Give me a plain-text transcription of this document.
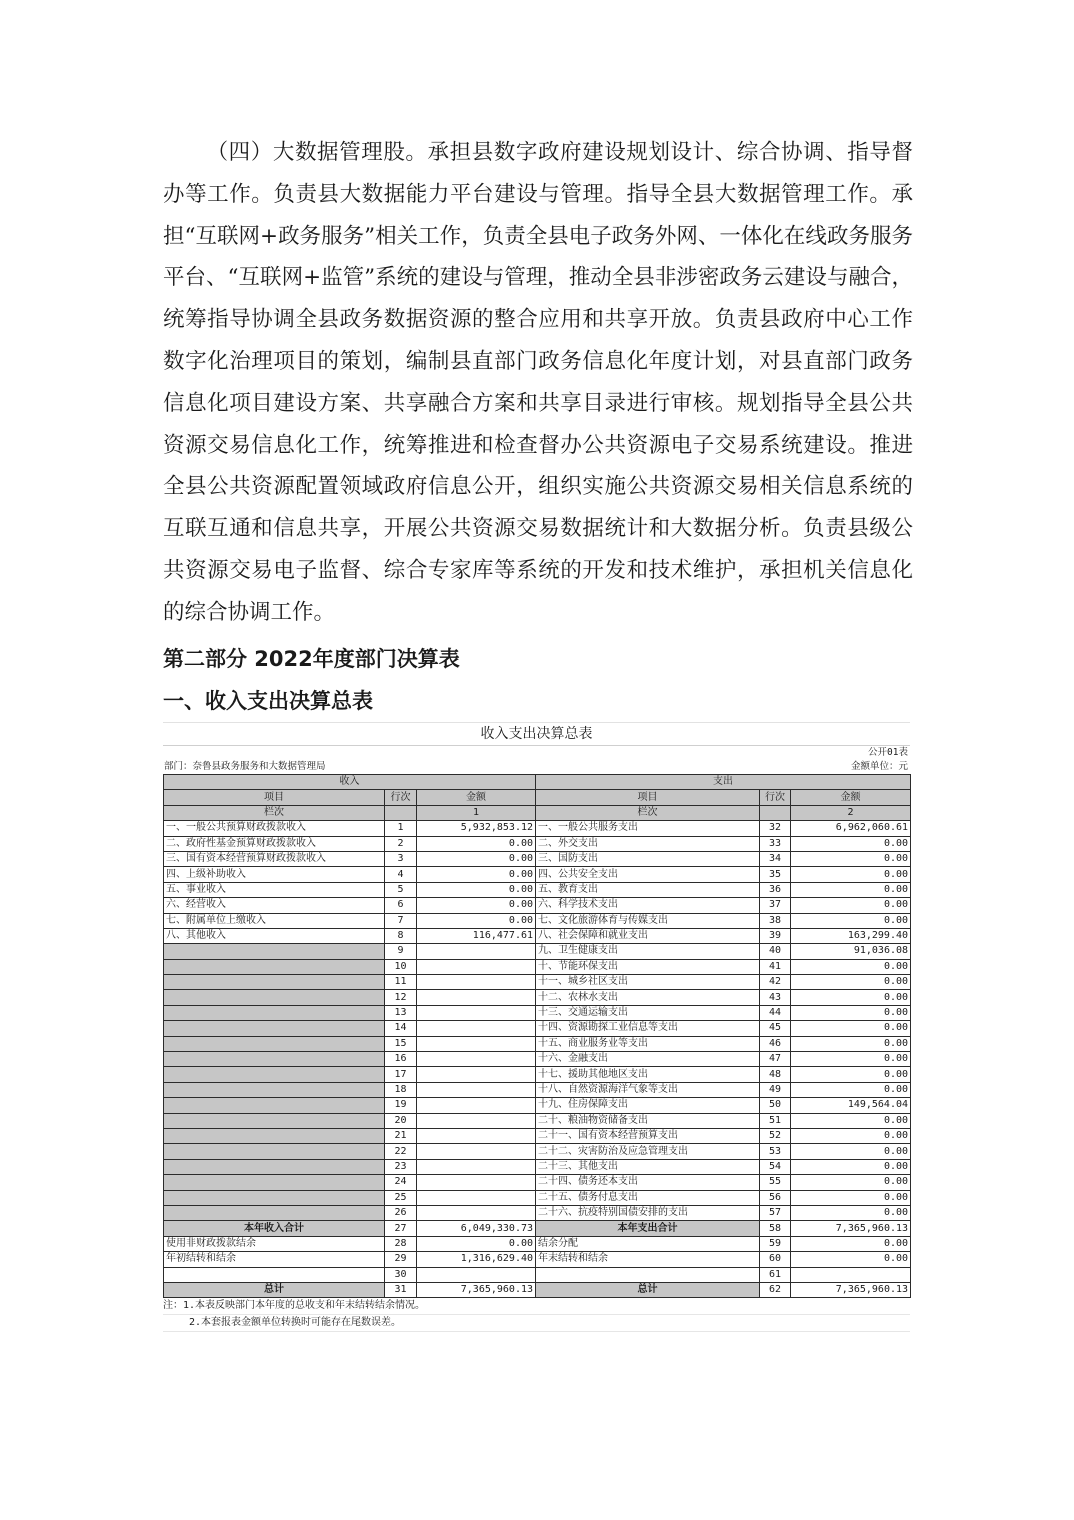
（四）大数据管理股。承担县数字政府建设规划设计、综合协调、指导督办等工作。负责县大数据能力平台建设与管理。指导全县大数据管理工作。承担“互联网+政务服务”相关工作，负责全县电子政务外网、一体化在线政务服务平台、“互联网+监管”系统的建设与管理，推动全县非涉密政务云建设与融合，统筹指导协调全县政务数据资源的整合应用和共享开放。负责县政府中心工作数字化治理项目的策划，编制县直部门政务信息化年度计划，对县直部门政务信息化项目建设方案、共享融合方案和共享目录进行审核。规划指导全县公共资源交易信息化工作，统筹推进和检查督办公共资源电子交易系统建设。推进全县公共资源配置领域政府信息公开，组织实施公共资源交易相关信息系统的互联互通和信息共享，开展公共资源交易数据统计和大数据分析。负责县级公共资源交易电子监督、综合专家库等系统的开发和技术维护，承担机关信息化的综合协调工作。

第二部分 2022年度部门决算表
一、收入支出决算总表
收入支出决算总表
公开01表
部门：奈鲁县政务服务和大数据管理局	金额单位：元
收入			支出		
项目	行次	金额	项目	行次	金额
栏次		1	栏次		2
一、一般公共预算财政拨款收入	1	5,932,853.12	一、一般公共服务支出	32	6,962,060.61
二、政府性基金预算财政拨款收入	2	0.00	二、外交支出	33	0.00
三、国有资本经营预算财政拨款收入	3	0.00	三、国防支出	34	0.00
四、上级补助收入	4	0.00	四、公共安全支出	35	0.00
五、事业收入	5	0.00	五、教育支出	36	0.00
六、经营收入	6	0.00	六、科学技术支出	37	0.00
七、附属单位上缴收入	7	0.00	七、文化旅游体育与传媒支出	38	0.00
八、其他收入	8	116,477.61	八、社会保障和就业支出	39	163,299.40
	9		九、卫生健康支出	40	91,036.08
	10		十、节能环保支出	41	0.00
	11		十一、城乡社区支出	42	0.00
	12		十二、农林水支出	43	0.00
	13		十三、交通运输支出	44	0.00
	14		十四、资源勘探工业信息等支出	45	0.00
	15		十五、商业服务业等支出	46	0.00
	16		十六、金融支出	47	0.00
	17		十七、援助其他地区支出	48	0.00
	18		十八、自然资源海洋气象等支出	49	0.00
	19		十九、住房保障支出	50	149,564.04
	20		二十、粮油物资储备支出	51	0.00
	21		二十一、国有资本经营预算支出	52	0.00
	22		二十二、灾害防治及应急管理支出	53	0.00
	23		二十三、其他支出	54	0.00
	24		二十四、债务还本支出	55	0.00
	25		二十五、债务付息支出	56	0.00
	26		二十六、抗疫特别国债安排的支出	57	0.00
本年收入合计	27	6,049,330.73	本年支出合计	58	7,365,960.13
使用非财政拨款结余	28	0.00	结余分配	59	0.00
年初结转和结余	29	1,316,629.40	年末结转和结余	60	0.00
	30			61	
总计	31	7,365,960.13	总计	62	7,365,960.13
注：1.本表反映部门本年度的总收支和年末结转结余情况。
2.本套报表金额单位转换时可能存在尾数误差。
